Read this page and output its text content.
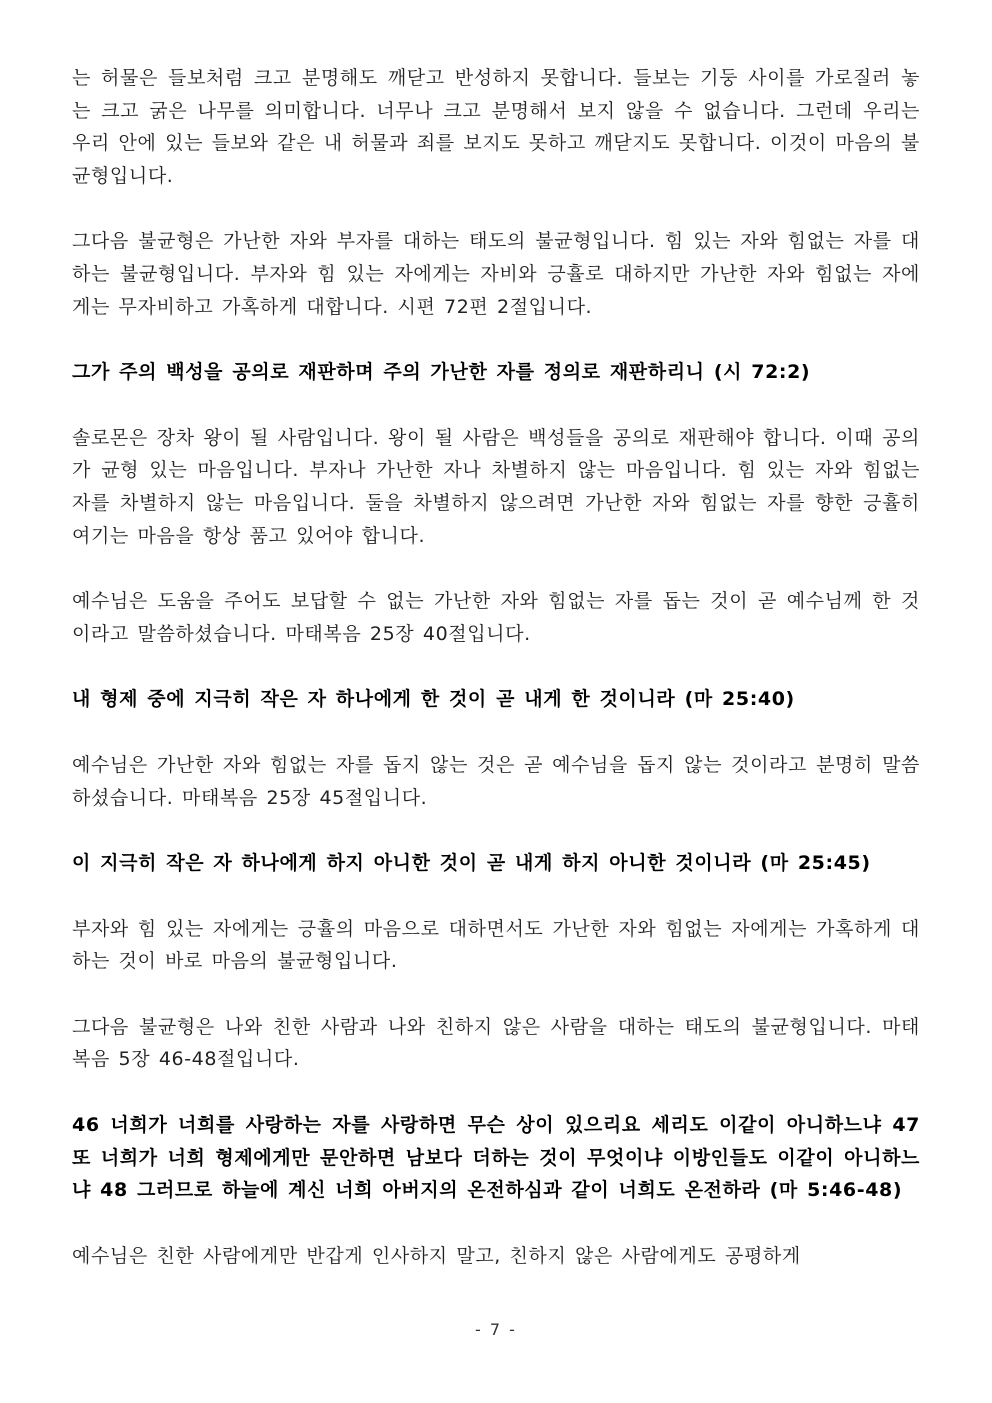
는 허물은 들보처럼 크고 분명해도 깨닫고 반성하지 못합니다. 들보는 기둥 사이를 가로질러 놓는 크고 굵은 나무를 의미합니다. 너무나 크고 분명해서 보지 않을 수 없습니다. 그런데 우리는 우리 안에 있는 들보와 같은 내 허물과 죄를 보지도 못하고 깨닫지도 못합니다. 이것이 마음의 불균형입니다.

그다음 불균형은 가난한 자와 부자를 대하는 태도의 불균형입니다. 힘 있는 자와 힘없는 자를 대하는 불균형입니다. 부자와 힘 있는 자에게는 자비와 긍휼로 대하지만 가난한 자와 힘없는 자에게는 무자비하고 가혹하게 대합니다. 시편 72편 2절입니다.

그가 주의 백성을 공의로 재판하며 주의 가난한 자를 정의로 재판하리니 (시 72:2)

솔로몬은 장차 왕이 될 사람입니다. 왕이 될 사람은 백성들을 공의로 재판해야 합니다. 이때 공의가 균형 있는 마음입니다. 부자나 가난한 자나 차별하지 않는 마음입니다. 힘 있는 자와 힘없는 자를 차별하지 않는 마음입니다. 둘을 차별하지 않으려면 가난한 자와 힘없는 자를 향한 긍휼히 여기는 마음을 항상 품고 있어야 합니다.

예수님은 도움을 주어도 보답할 수 없는 가난한 자와 힘없는 자를 돕는 것이 곧 예수님께 한 것이라고 말씀하셨습니다. 마태복음 25장 40절입니다.

내 형제 중에 지극히 작은 자 하나에게 한 것이 곧 내게 한 것이니라 (마 25:40)

예수님은 가난한 자와 힘없는 자를 돕지 않는 것은 곧 예수님을 돕지 않는 것이라고 분명히 말씀하셨습니다. 마태복음 25장 45절입니다.

이 지극히 작은 자 하나에게 하지 아니한 것이 곧 내게 하지 아니한 것이니라 (마 25:45)

부자와 힘 있는 자에게는 긍휼의 마음으로 대하면서도 가난한 자와 힘없는 자에게는 가혹하게 대하는 것이 바로 마음의 불균형입니다.

그다음 불균형은 나와 친한 사람과 나와 친하지 않은 사람을 대하는 태도의 불균형입니다. 마태복음 5장 46-48절입니다.

46 너희가 너희를 사랑하는 자를 사랑하면 무슨 상이 있으리요 세리도 이같이 아니하느냐 47 또 너희가 너희 형제에게만 문안하면 남보다 더하는 것이 무엇이냐 이방인들도 이같이 아니하느냐 48 그러므로 하늘에 계신 너희 아버지의 온전하심과 같이 너희도 온전하라 (마 5:46-48)

예수님은 친한 사람에게만 반갑게 인사하지 말고, 친하지 않은 사람에게도 공평하게

- 7 -
